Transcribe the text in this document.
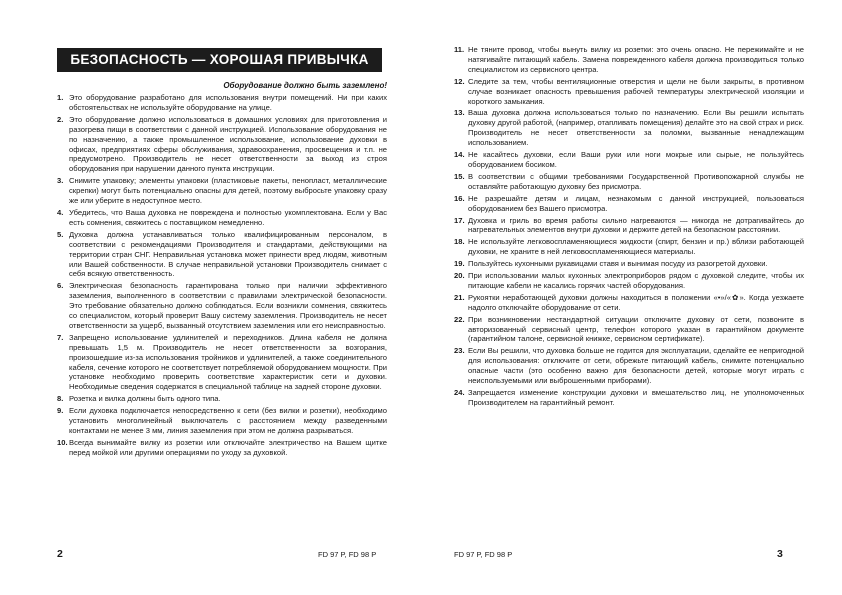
БЕЗОПАСНОСТЬ — ХОРОШАЯ ПРИВЫЧКА
Оборудование должно быть заземлено!
1. Это оборудование разработано для использования внутри помещений. Ни при каких обстоятельствах не используйте оборудование на улице.
2. Это оборудование должно использоваться в домашних условиях для приготовления и разогрева пищи в соответствии с данной инструкцией. Использование оборудования не по назначению, а также промышленное использование, использование духовки в офисах, предприятиях сферы обслуживания, здравоохранения, просвещения и т.п. не предусмотрено. Производитель не несет ответственности за выход из строя оборудования при нарушении данного пункта инструкции.
3. Снимите упаковку; элементы упаковки (пластиковые пакеты, пенопласт, металлические скрепки) могут быть потенциально опасны для детей, поэтому выбросьте упаковку сразу же или уберите в недоступное место.
4. Убедитесь, что Ваша духовка не повреждена и полностью укомплектована. Если у Вас есть сомнения, свяжитесь с поставщиком немедленно.
5. Духовка должна устанавливаться только квалифицированным персоналом, в соответствии с рекомендациями Производителя и стандартами, действующими на территории стран СНГ. Неправильная установка может принести вред людям, животным или Вашей собственности. В случае неправильной установки Производитель снимает с себя всякую ответственность.
6. Электрическая безопасность гарантирована только при наличии эффективного заземления, выполненного в соответствии с правилами электрической безопасности. Это требование обязательно должно соблюдаться. Если возникли сомнения, свяжитесь со специалистом, который проверит Вашу систему заземления. Производитель не несет ответственности за ущерб, вызванный отсутствием заземления или его неисправностью.
7. Запрещено использование удлинителей и переходников. Длина кабеля не должна превышать 1,5 м. Производитель не несет ответственности за возгорания, произошедшие из-за использования тройников и удлинителей, а также соединительного кабеля, сечение которого не соответствует потребляемой оборудованием мощности. При установке необходимо проверить соответствие характеристик сети и духовки. Необходимые сведения содержатся в специальной таблице на задней стороне духовки.
8. Розетка и вилка должны быть одного типа.
9. Если духовка подключается непосредственно к сети (без вилки и розетки), необходимо установить многолинейный выключатель с расстоянием между разведенными контактами не менее 3 мм, линия заземления при этом не должна разрываться.
10. Всегда вынимайте вилку из розетки или отключайте электричество на Вашем щитке перед мойкой или другими операциями по уходу за духовкой.
2	FD 97 P, FD 98 P
11. Не тяните провод, чтобы вынуть вилку из розетки: это очень опасно. Не пережимайте и не натягивайте питающий кабель. Замена поврежденного кабеля должна производиться только специалистом из сервисного центра.
12. Следите за тем, чтобы вентиляционные отверстия и щели не были закрыты, в противном случае возникает опасность превышения рабочей температуры электрической изоляции и короткого замыкания.
13. Ваша духовка должна использоваться только по назначению. Если Вы решили испытать духовку другой работой, (например, отапливать помещения) делайте это на свой страх и риск. Производитель не несет ответственности за поломки, вызванные ненадлежащим использованием.
14. Не касайтесь духовки, если Ваши руки или ноги мокрые или сырые, не пользуйтесь оборудованием босиком.
15. В соответствии с общими требованиями Государственной Противопожарной службы не оставляйте работающую духовку без присмотра.
16. Не разрешайте детям и лицам, незнакомым с данной инструкцией, пользоваться оборудованием без Вашего присмотра.
17. Духовка и гриль во время работы сильно нагреваются — никогда не дотрагивайтесь до нагревательных элементов внутри духовки и держите детей на безопасном расстоянии.
18. Не используйте легковоспламеняющиеся жидкости (спирт, бензин и пр.) вблизи работающей духовки, не храните в ней легковоспламеняющиеся материалы.
19. Пользуйтесь кухонными рукавицами ставя и вынимая посуду из разогретой духовки.
20. При использовании малых кухонных электроприборов рядом с духовкой следите, чтобы их питающие кабели не касались горячих частей оборудования.
21. Рукоятки неработающей духовки должны находиться в положении «•»/«✿». Когда уезжаете надолго отключайте оборудование от сети.
22. При возникновении нестандартной ситуации отключите духовку от сети, позвоните в авторизованный сервисный центр, телефон которого указан в гарантийном документе (гарантийном талоне, сервисной книжке, сервисном сертификате).
23. Если Вы решили, что духовка больше не годится для эксплуатации, сделайте ее непригодной для использования: отключите от сети, обрежьте питающий кабель, снимите потенциально опасные части (это особенно важно для безопасности детей, которые могут играть с неиспользуемыми или выброшенными приборами).
24. Запрещается изменение конструкции духовки и вмешательство лиц, не уполномоченных Производителем на гарантийный ремонт.
FD 97 P, FD 98 P	3
